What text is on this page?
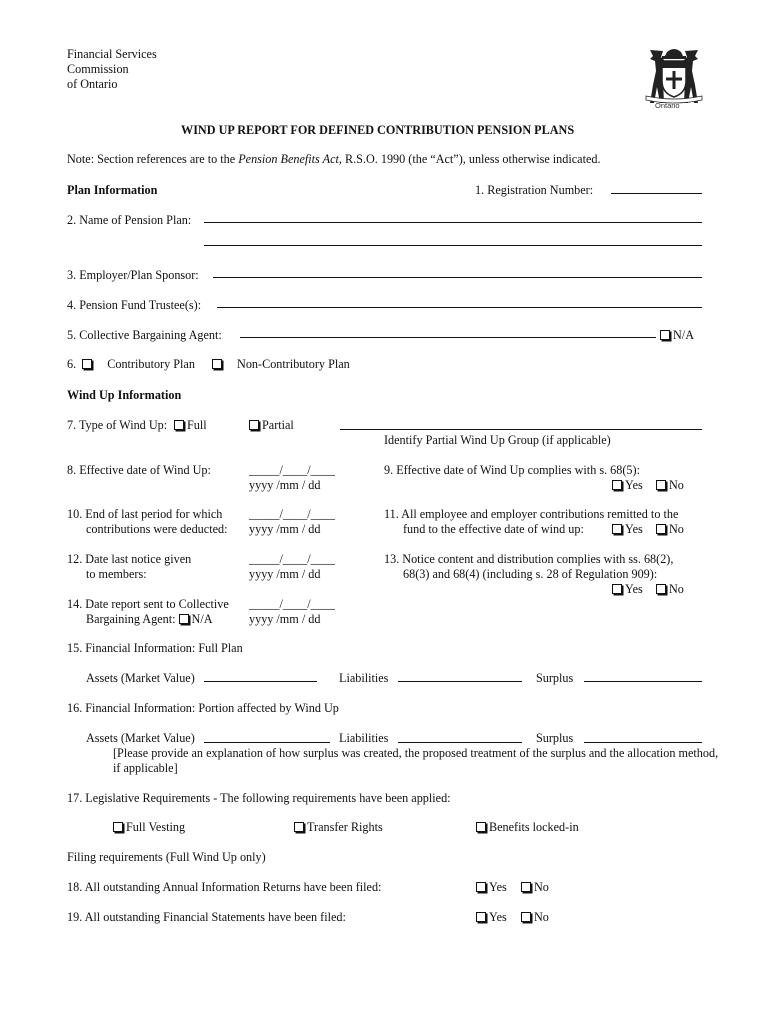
Financial Services
Commission
of Ontario
Ontario
WIND UP REPORT FOR DEFINED CONTRIBUTION PENSION PLANS
Note: Section references are to the Pension Benefits Act, R.S.O. 1990 (the “Act”), unless otherwise indicated.
Plan Information	1. Registration Number:
2. Name of Pension Plan:
3. Employer/Plan Sponsor:
4. Pension Fund Trustee(s):
5. Collective Bargaining Agent:	N/A
6.	Contributory Plan	Non-Contributory Plan
Wind Up Information
7. Type of Wind Up:	Full	Partial
Identify Partial Wind Up Group (if applicable)
8. Effective date of Wind Up:	_____/____/____
yyyy /mm / dd
9. Effective date of Wind Up complies with s. 68(5):
Yes	No
10. End of last period for which
contributions were deducted:
_____/____/____
yyyy /mm / dd
11. All employee and employer contributions remitted to the
fund to the effective date of wind up:	Yes	No
12. Date last notice given
to members:
_____/____/____
yyyy /mm / dd
13. Notice content and distribution complies with ss. 68(2),
68(3) and 68(4) (including s. 28 of Regulation 909):
Yes	No
14. Date report sent to Collective
Bargaining Agent: N/A
_____/____/____
yyyy /mm / dd
15. Financial Information: Full Plan
Assets (Market Value)	Liabilities	Surplus
16. Financial Information: Portion affected by Wind Up
Assets (Market Value)	Liabilities	Surplus
[Please provide an explanation of how surplus was created, the proposed treatment of the surplus and the allocation method,
if applicable]
17. Legislative Requirements - The following requirements have been applied:
Full Vesting	Transfer Rights	Benefits locked-in
Filing requirements (Full Wind Up only)
18. All outstanding Annual Information Returns have been filed:	Yes	No
19. All outstanding Financial Statements have been filed:	Yes	No
